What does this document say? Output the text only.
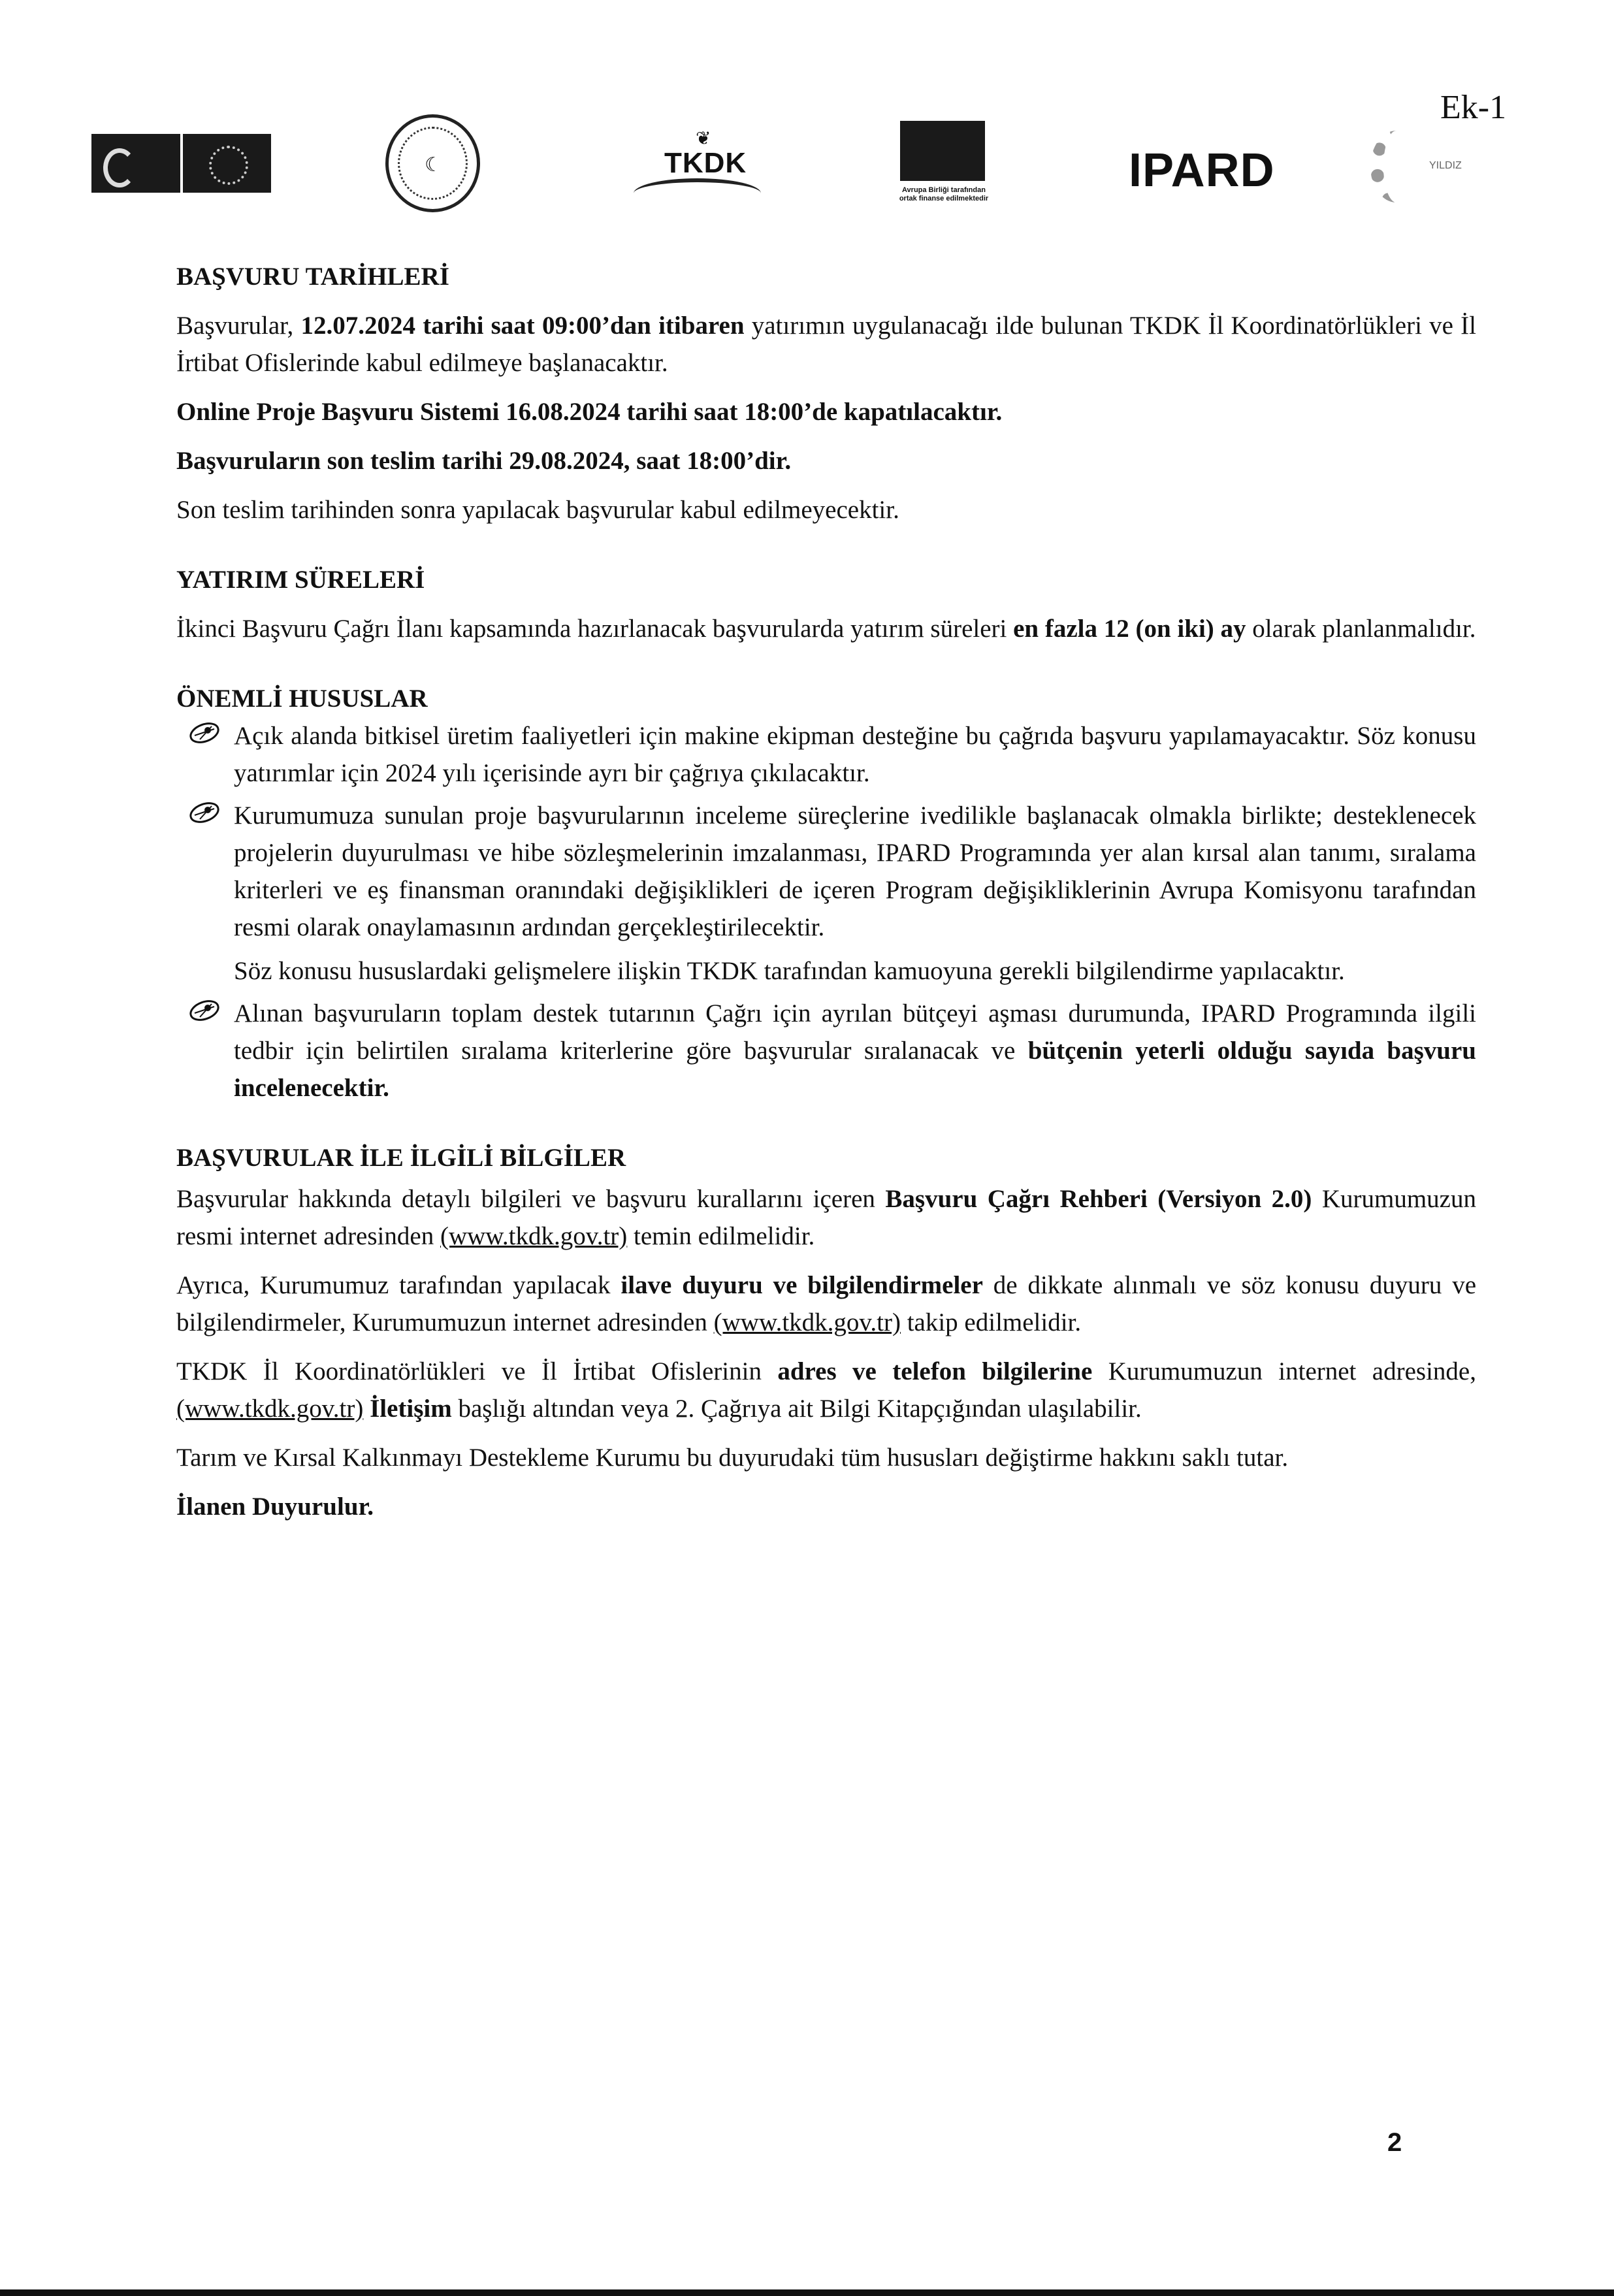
Ek-1
☾
❦
TKDK
Avrupa Birliği tarafından ortak finanse edilmektedir
IPARD	YILDIZ

BAŞVURU TARİHLERİ

Başvurular, 12.07.2024 tarihi saat 09:00’dan itibaren yatırımın uygulanacağı ilde bulunan TKDK İl Koordinatörlükleri ve İl İrtibat Ofislerinde kabul edilmeye başlanacaktır.

Online Proje Başvuru Sistemi 16.08.2024 tarihi saat 18:00’de kapatılacaktır.

Başvuruların son teslim tarihi 29.08.2024, saat 18:00’dir.

Son teslim tarihinden sonra yapılacak başvurular kabul edilmeyecektir.

YATIRIM SÜRELERİ

İkinci Başvuru Çağrı İlanı kapsamında hazırlanacak başvurularda yatırım süreleri en fazla 12 (on iki) ay olarak planlanmalıdır.

ÖNEMLİ HUSUSLAR

Açık alanda bitkisel üretim faaliyetleri için makine ekipman desteğine bu çağrıda başvuru yapılamayacaktır. Söz konusu yatırımlar için 2024 yılı içerisinde ayrı bir çağrıya çıkılacaktır.
Kurumumuza sunulan proje başvurularının inceleme süreçlerine ivedilikle başlanacak olmakla birlikte; desteklenecek projelerin duyurulması ve hibe sözleşmelerinin imzalanması, IPARD Programında yer alan kırsal alan tanımı, sıralama kriterleri ve eş finansman oranındaki değişiklikleri de içeren Program değişikliklerinin Avrupa Komisyonu tarafından resmi olarak onaylamasının ardından gerçekleştirilecektir.

Söz konusu hususlardaki gelişmelere ilişkin TKDK tarafından kamuoyuna gerekli bilgilendirme yapılacaktır.

Alınan başvuruların toplam destek tutarının Çağrı için ayrılan bütçeyi aşması durumunda, IPARD Programında ilgili tedbir için belirtilen sıralama kriterlerine göre başvurular sıralanacak ve bütçenin yeterli olduğu sayıda başvuru incelenecektir.

BAŞVURULAR İLE İLGİLİ BİLGİLER

Başvurular hakkında detaylı bilgileri ve başvuru kurallarını içeren Başvuru Çağrı Rehberi (Versiyon 2.0) Kurumumuzun resmi internet adresinden (www.tkdk.gov.tr) temin edilmelidir.

Ayrıca, Kurumumuz tarafından yapılacak ilave duyuru ve bilgilendirmeler de dikkate alınmalı ve söz konusu duyuru ve bilgilendirmeler, Kurumumuzun internet adresinden (www.tkdk.gov.tr) takip edilmelidir.

TKDK İl Koordinatörlükleri ve İl İrtibat Ofislerinin adres ve telefon bilgilerine Kurumumuzun internet adresinde, (www.tkdk.gov.tr) İletişim başlığı altından veya 2. Çağrıya ait Bilgi Kitapçığından ulaşılabilir.

Tarım ve Kırsal Kalkınmayı Destekleme Kurumu bu duyurudaki tüm hususları değiştirme hakkını saklı tutar.

İlanen Duyurulur.

2
